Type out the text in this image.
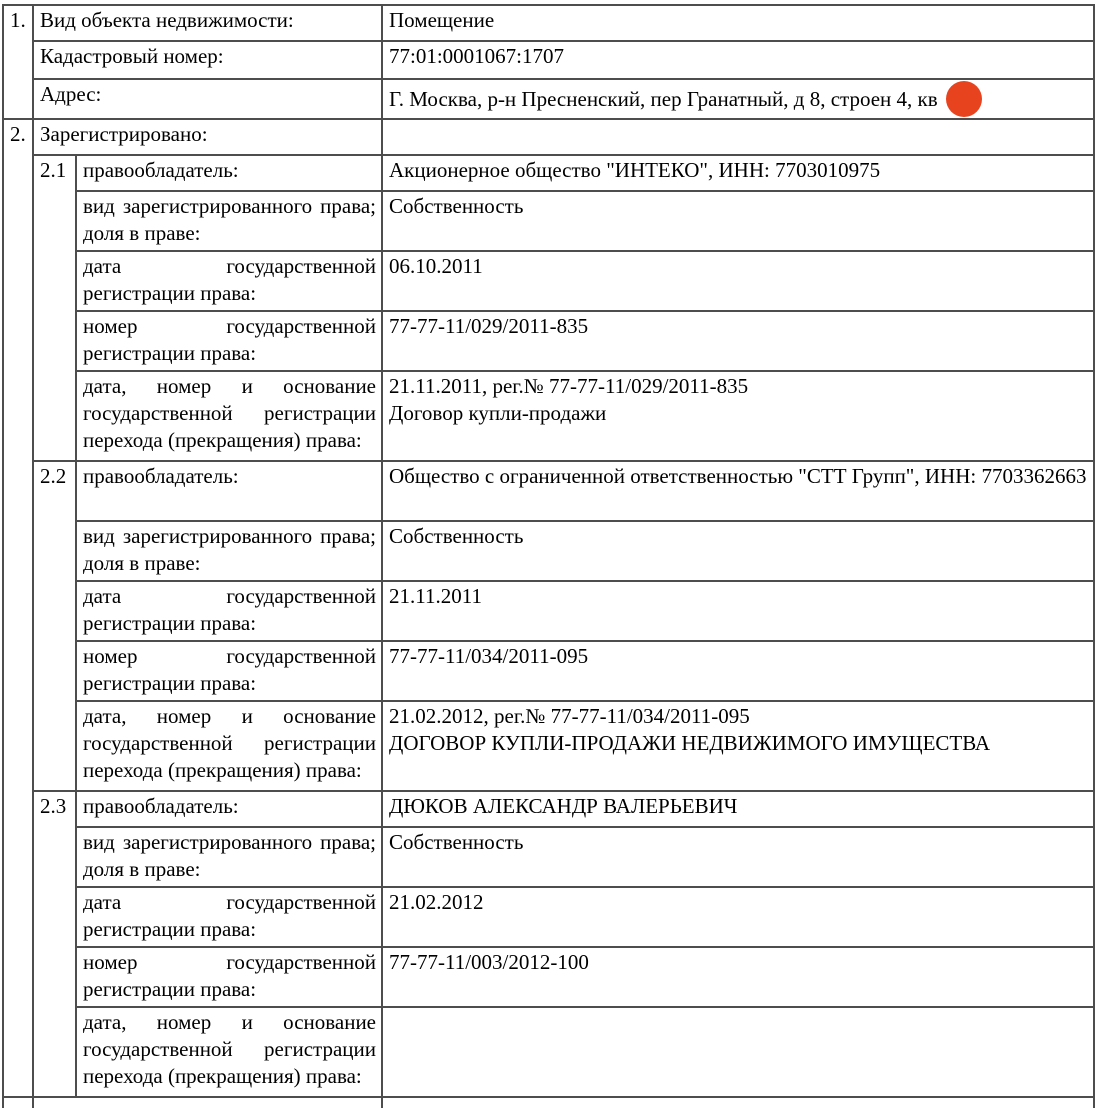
1.	Вид объекта недвижимости:		Помещение
	Кадастровый номер:		77:01:0001067:1707
	Адрес:		Г. Москва, р-н Пресненский, пер Гранатный, д 8, строен 4, кв
2.	Зарегистрировано:		
	2.1	правообладатель:	Акционерное общество "ИНТЕКО", ИНН: 7703010975
		вид зарегистрированного права; доля в праве:	Собственность
		дата государственной регистрации права:	06.10.2011
		номер государственной регистрации права:	77-77-11/029/2011-835
		дата, номер и основание государственной регистрации перехода (прекращения) права:	21.11.2011, рег.№ 77-77-11/029/2011-835
Договор купли-продажи

	2.2	правообладатель:	Общество с ограниченной ответственностью "СТТ Групп", ИНН: 7703362663
		вид зарегистрированного права; доля в праве:	Собственность
		дата государственной регистрации права:	21.11.2011
		номер государственной регистрации права:	77-77-11/034/2011-095
		дата, номер и основание государственной регистрации перехода (прекращения) права:	21.02.2012, рег.№ 77-77-11/034/2011-095
ДОГОВОР КУПЛИ-ПРОДАЖИ НЕДВИЖИМОГО ИМУЩЕСТВА

	2.3	правообладатель:	ДЮКОВ АЛЕКСАНДР ВАЛЕРЬЕВИЧ
		вид зарегистрированного права; доля в праве:	Собственность
		дата государственной регистрации права:	21.02.2012
		номер государственной регистрации права:	77-77-11/003/2012-100
		дата, номер и основание государственной регистрации перехода (прекращения) права:	
